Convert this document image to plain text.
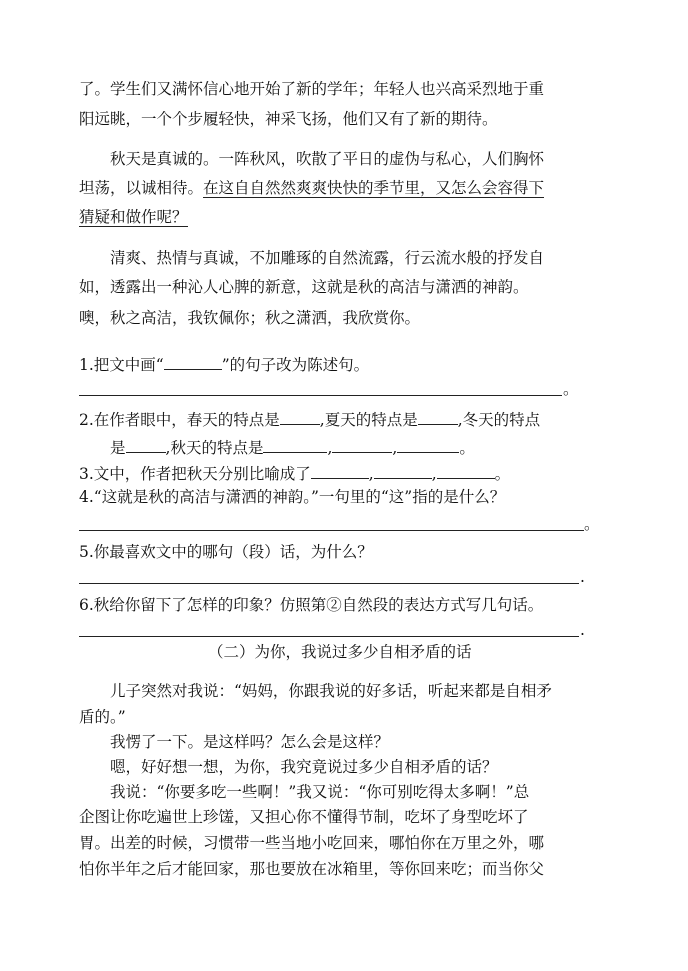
了。学生们又满怀信心地开始了新的学年；年轻人也兴高采烈地于重
阳远眺，一个个步履轻快，神采飞扬，他们又有了新的期待。
秋天是真诚的。一阵秋风，吹散了平日的虚伪与私心，人们胸怀
坦荡，以诚相待。在这自自然然爽爽快快的季节里，又怎么会容得下
猜疑和做作呢？
清爽、热情与真诚，不加雕琢的自然流露，行云流水般的抒发自
如，透露出一种沁人心脾的新意，这就是秋的高洁与潇洒的神韵。
噢，秋之高洁，我钦佩你；秋之潇洒，我欣赏你。
1.把文中画“	”的句子改为陈述句。
。
2.在作者眼中，春天的特点是	,夏天的特点是	,冬天的特点
是	,秋天的特点是	,	,	。
3.文中，作者把秋天分别比喻成了	,	,	。
4.“这就是秋的高洁与潇洒的神韵。”一句里的“这”指的是什么？
。
5.你最喜欢文中的哪句（段）话，为什么？
.
6.秋给你留下了怎样的印象？仿照第②自然段的表达方式写几句话。
.
（二）为你，我说过多少自相矛盾的话
儿子突然对我说：“妈妈，你跟我说的好多话，听起来都是自相矛
盾的。”
我愣了一下。是这样吗？怎么会是这样？
嗯，好好想一想，为你，我究竟说过多少自相矛盾的话？
我说：“你要多吃一些啊！”我又说：“你可别吃得太多啊！”总
企图让你吃遍世上珍馐，又担心你不懂得节制，吃坏了身型吃坏了
胃。出差的时候，习惯带一些当地小吃回来，哪怕你在万里之外，哪
怕你半年之后才能回家，那也要放在冰箱里，等你回来吃；而当你父
